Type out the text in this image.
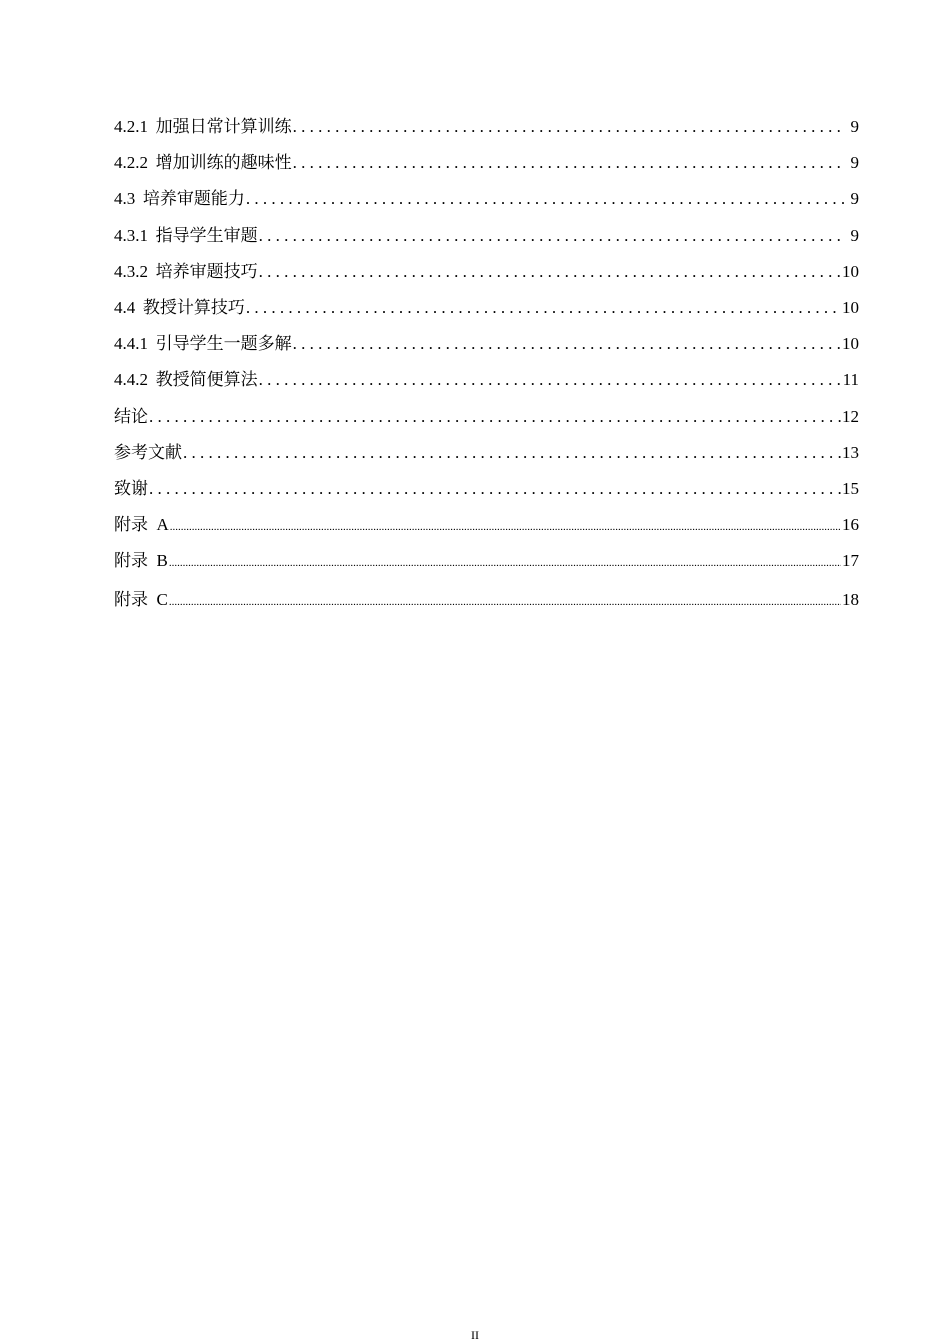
4.2.1 加强日常计算训练 . . .	9
4.2.2 增加训练的趣味性 . . .	9
4.3 培养审题能力 . . .	9
4.3.1 指导学生审题 . . .	9
4.3.2 培养审题技巧 . . .	10
4.4 教授计算技巧 . . .	10
4.4.1 引导学生一题多解 . . .	10
4.4.2 教授简便算法 . . .	11
结论 . . .	12
参考文献 . . .	13
致谢 . . .	15
附录  A .....	16
附录  B .....	17
附录  C .....	18
II
